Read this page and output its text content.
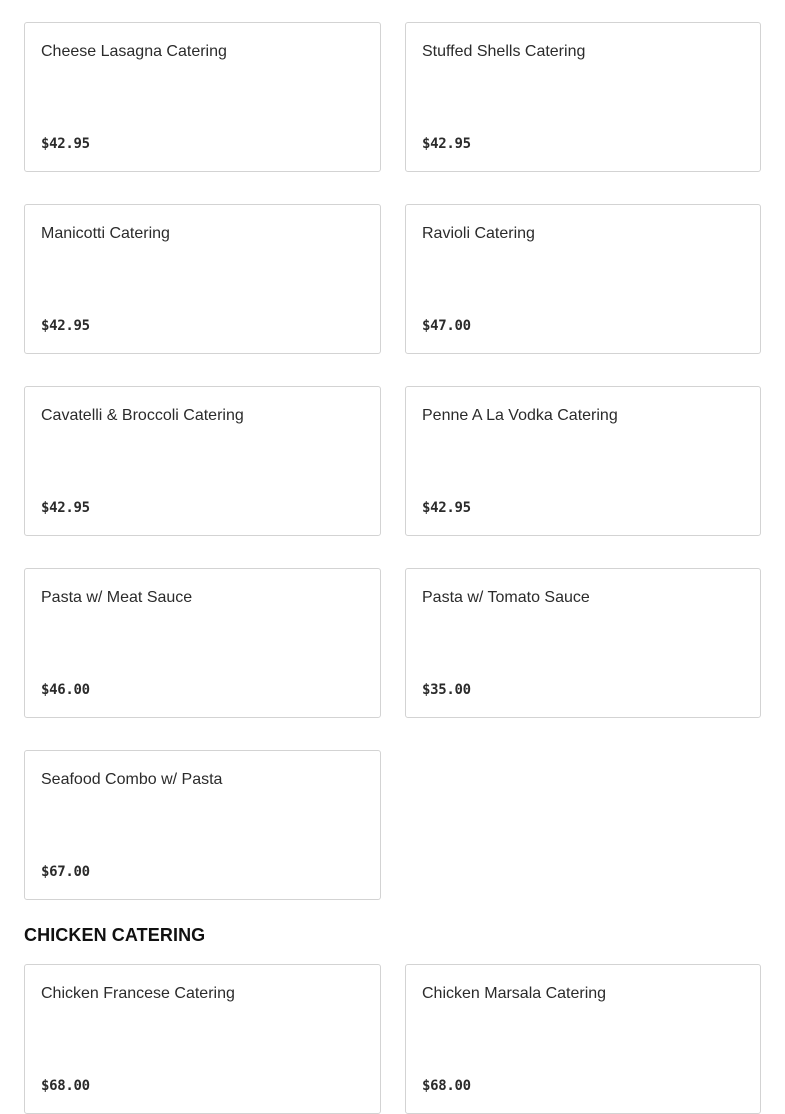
Cheese Lasagna Catering
$42.95
Stuffed Shells Catering
$42.95
Manicotti Catering
$42.95
Ravioli Catering
$47.00
Cavatelli & Broccoli Catering
$42.95
Penne A La Vodka Catering
$42.95
Pasta w/ Meat Sauce
$46.00
Pasta w/ Tomato Sauce
$35.00
Seafood Combo w/ Pasta
$67.00
CHICKEN CATERING
Chicken Francese Catering
$68.00
Chicken Marsala Catering
$68.00
